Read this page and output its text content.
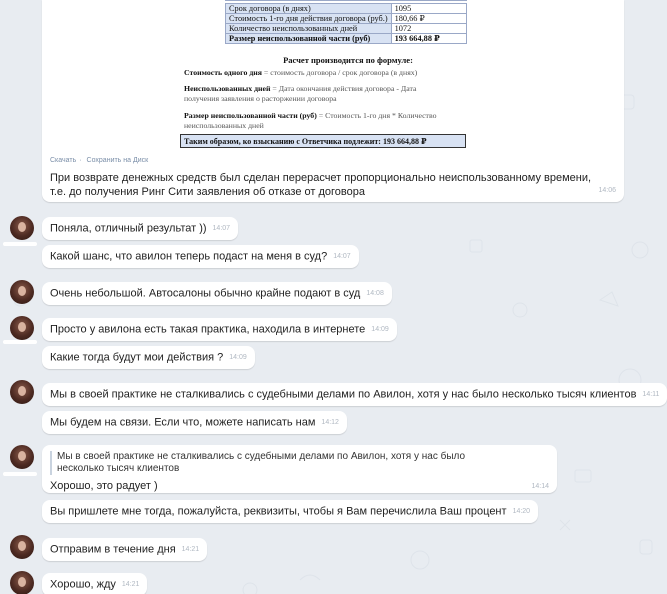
Срок договора (в днях)	1095
Стоимость 1-го дня действия договора (руб.)	180,66 ₽
Количество неиспользованных дней	1072
Размер неиспользованной части (руб)	193 664,88 ₽
Расчет производится по формуле:
Стоимость одного дня = стоимость договора / срок договора (в днях)
Неиспользованных дней = Дата окончания действия договора - Дата
получения заявления о расторжении договора
Размер неиспользованной части (руб) = Стоимость 1-го дня * Количество
неиспользованных дней
Таким образом, ко взысканию с Ответчика подлежит: 193 664,88 ₽
Скачать · Сохранить на Диск
При возврате денежных средств был сделан перерасчет пропорционально неиспользованному времени, т.е. до получения Ринг Сити заявления об отказе от договора	14:06
Поняла, отличный результат )) 14:07
Какой шанс, что авилон теперь подаст на меня в суд? 14:07
Очень небольшой. Автосалоны обычно крайне подают в суд 14:08
Просто у авилона есть такая практика, находила в интернете 14:09
Какие тогда будут мои действия ? 14:09
Мы в своей практике не сталкивались с судебными делами по Авилон, хотя у нас было несколько тысяч клиентов 14:11
Мы будем на связи. Если что, можете написать нам 14:12
Мы в своей практике не сталкивались с судебными делами по Авилон, хотя у нас было несколько тысяч клиентов
Хорошо, это радует )	14:14
Вы пришлете мне тогда, пожалуйста, реквизиты, чтобы я Вам перечислила Ваш процент 14:20
Отправим в течение дня 14:21
Хорошо, жду 14:21
